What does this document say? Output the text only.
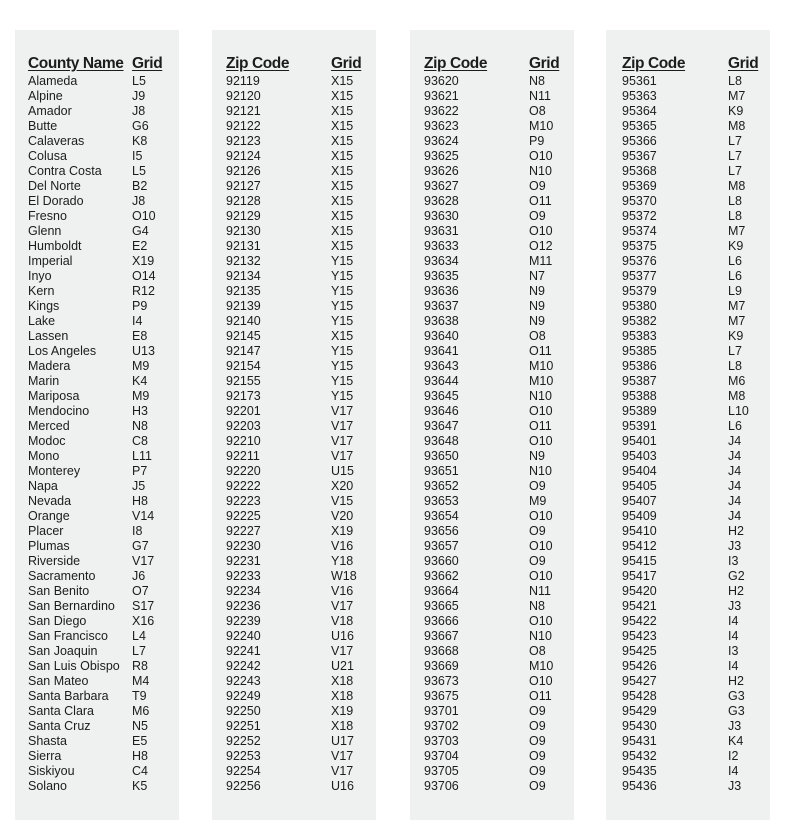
County Name Grid
Alameda	L5
Alpine	J9
Amador	J8
Butte	G6
Calaveras	K8
Colusa	I5
Contra Costa L5
Del Norte	B2
El Dorado	J8
Fresno	O10
Glenn	G4
Humboldt	E2
Imperial	X19
Inyo	O14
Kern	R12
Kings	P9
Lake	I4
Lassen	E8
Los Angeles	U13
Madera	M9
Marin	K4
Mariposa	M9
Mendocino	H3
Merced	N8
Modoc	C8
Mono	L11
Monterey	P7
Napa	J5
Nevada	H8
Orange	V14
Placer	I8
Plumas	G7
Riverside	V17
Sacramento	J6
San Benito	O7
San Bernardino S17
San Diego	X16
San Francisco L4
San Joaquin	L7
San Luis Obispo R8
San Mateo	M4
Santa Barbara T9
Santa Clara	M6
Santa Cruz	N5
Shasta	E5
Sierra	H8
Siskiyou	C4
Solano	K5
Zip Code	Grid
92119	X15
92120	X15
92121	X15
92122	X15
92123	X15
92124	X15
92126	X15
92127	X15
92128	X15
92129	X15
92130	X15
92131	X15
92132	Y15
92134	Y15
92135	Y15
92139	Y15
92140	Y15
92145	X15
92147	Y15
92154	Y15
92155	Y15
92173	Y15
92201	V17
92203	V17
92210	V17
92211	V17
92220	U15
92222	X20
92223	V15
92225	V20
92227	X19
92230	V16
92231	Y18
92233	W18
92234	V16
92236	V17
92239	V18
92240	U16
92241	V17
92242	U21
92243	X18
92249	X18
92250	X19
92251	X18
92252	U17
92253	V17
92254	V17
92256	U16
Zip Code	Grid
93620	N8
93621	N11
93622	O8
93623	M10
93624	P9
93625	O10
93626	N10
93627	O9
93628	O11
93630	O9
93631	O10
93633	O12
93634	M11
93635	N7
93636	N9
93637	N9
93638	N9
93640	O8
93641	O11
93643	M10
93644	M10
93645	N10
93646	O10
93647	O11
93648	O10
93650	N9
93651	N10
93652	O9
93653	M9
93654	O10
93656	O9
93657	O10
93660	O9
93662	O10
93664	N11
93665	N8
93666	O10
93667	N10
93668	O8
93669	M10
93673	O10
93675	O11
93701	O9
93702	O9
93703	O9
93704	O9
93705	O9
93706	O9
Zip Code	Grid
95361	L8
95363	M7
95364	K9
95365	M8
95366	L7
95367	L7
95368	L7
95369	M8
95370	L8
95372	L8
95374	M7
95375	K9
95376	L6
95377	L6
95379	L9
95380	M7
95382	M7
95383	K9
95385	L7
95386	L8
95387	M6
95388	M8
95389	L10
95391	L6
95401	J4
95403	J4
95404	J4
95405	J4
95407	J4
95409	J4
95410	H2
95412	J3
95415	I3
95417	G2
95420	H2
95421	J3
95422	I4
95423	I4
95425	I3
95426	I4
95427	H2
95428	G3
95429	G3
95430	J3
95431	K4
95432	I2
95435	I4
95436	J3
